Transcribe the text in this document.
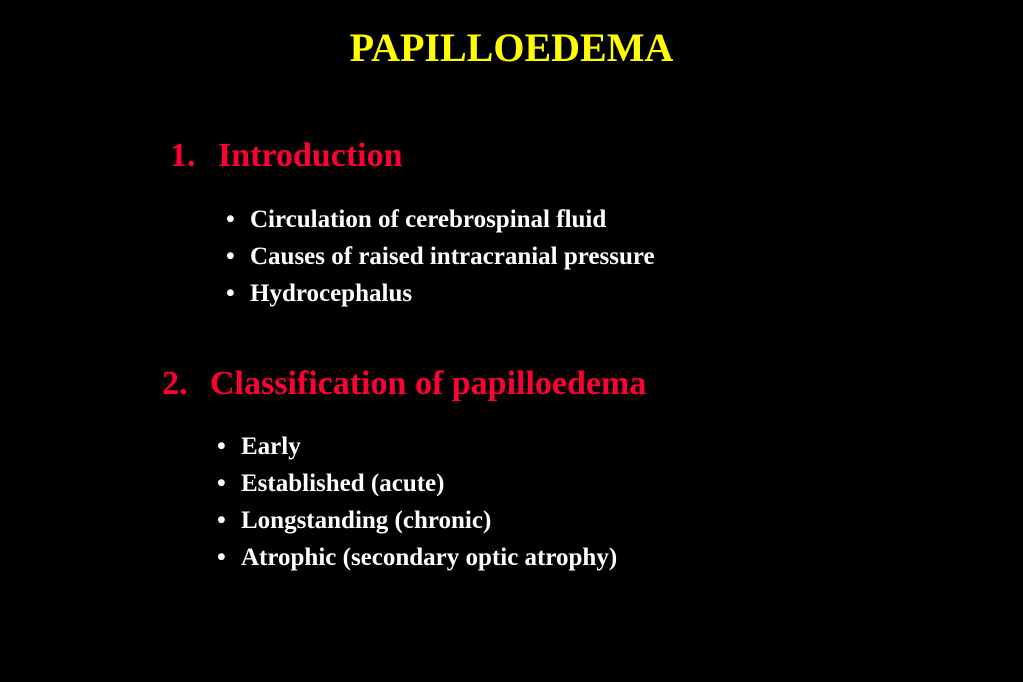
PAPILLOEDEMA
1. Introduction
• Circulation of cerebrospinal fluid
• Causes of raised intracranial pressure
• Hydrocephalus
2. Classification of papilloedema
• Early
• Established (acute)
• Longstanding (chronic)
• Atrophic (secondary optic atrophy)
